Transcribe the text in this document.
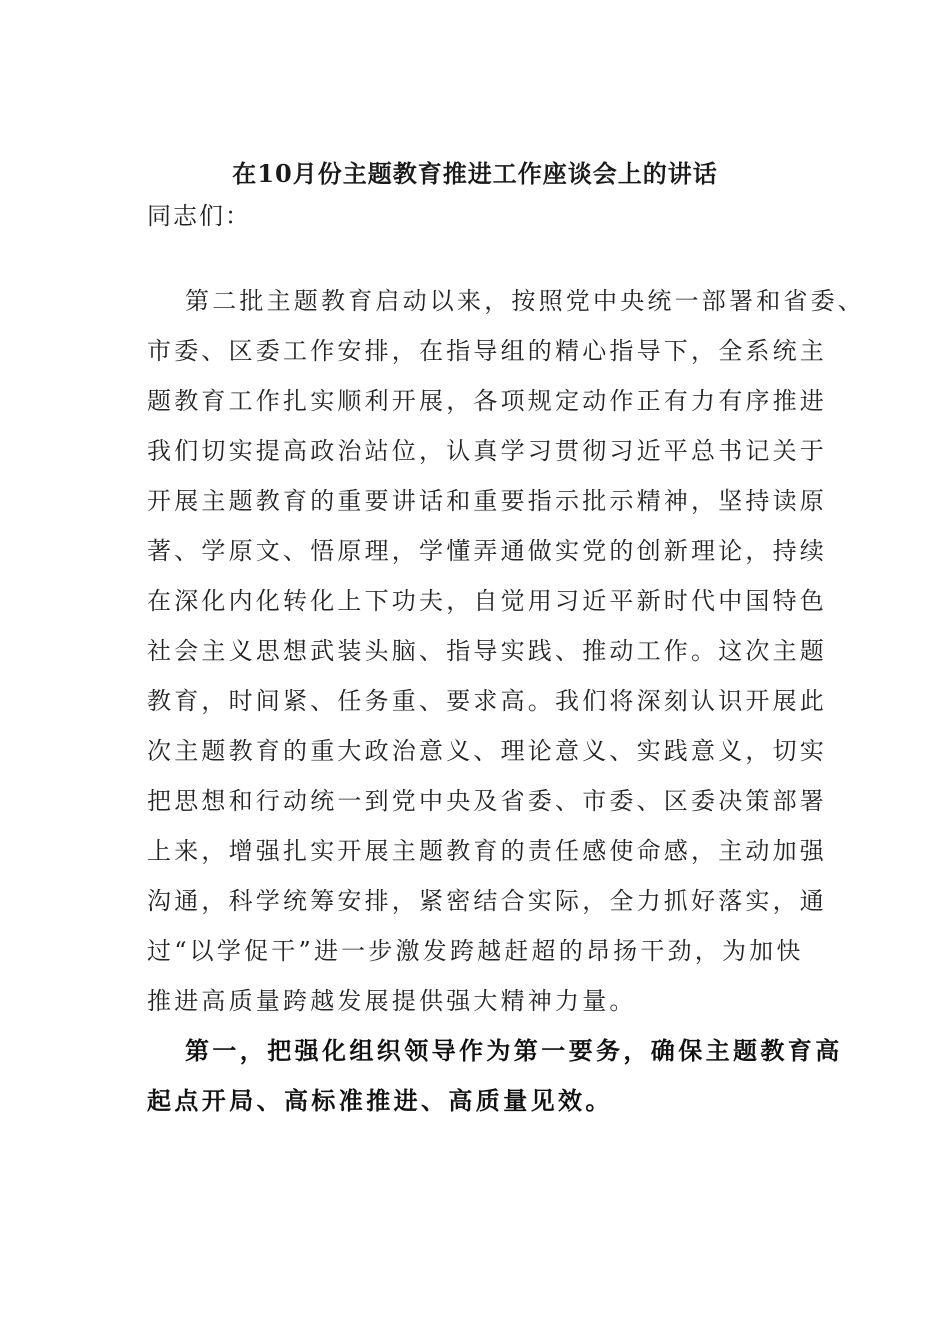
在10月份主题教育推进工作座谈会上的讲话
同志们：
第二批主题教育启动以来，按照党中央统一部署和省委、
市委、区委工作安排，在指导组的精心指导下，全系统主
题教育工作扎实顺利开展，各项规定动作正有力有序推进
我们切实提高政治站位，认真学习贯彻习近平总书记关于
开展主题教育的重要讲话和重要指示批示精神，坚持读原
著、学原文、悟原理，学懂弄通做实党的创新理论，持续
在深化内化转化上下功夫，自觉用习近平新时代中国特色
社会主义思想武装头脑、指导实践、推动工作。这次主题
教育，时间紧、任务重、要求高。我们将深刻认识开展此
次主题教育的重大政治意义、理论意义、实践意义，切实
把思想和行动统一到党中央及省委、市委、区委决策部署
上来，增强扎实开展主题教育的责任感使命感，主动加强
沟通，科学统筹安排，紧密结合实际，全力抓好落实，通
过“以学促干”进一步激发跨越赶超的昂扬干劲，为加快
推进高质量跨越发展提供强大精神力量。
第一，把强化组织领导作为第一要务，确保主题教育高
起点开局、高标准推进、高质量见效。
